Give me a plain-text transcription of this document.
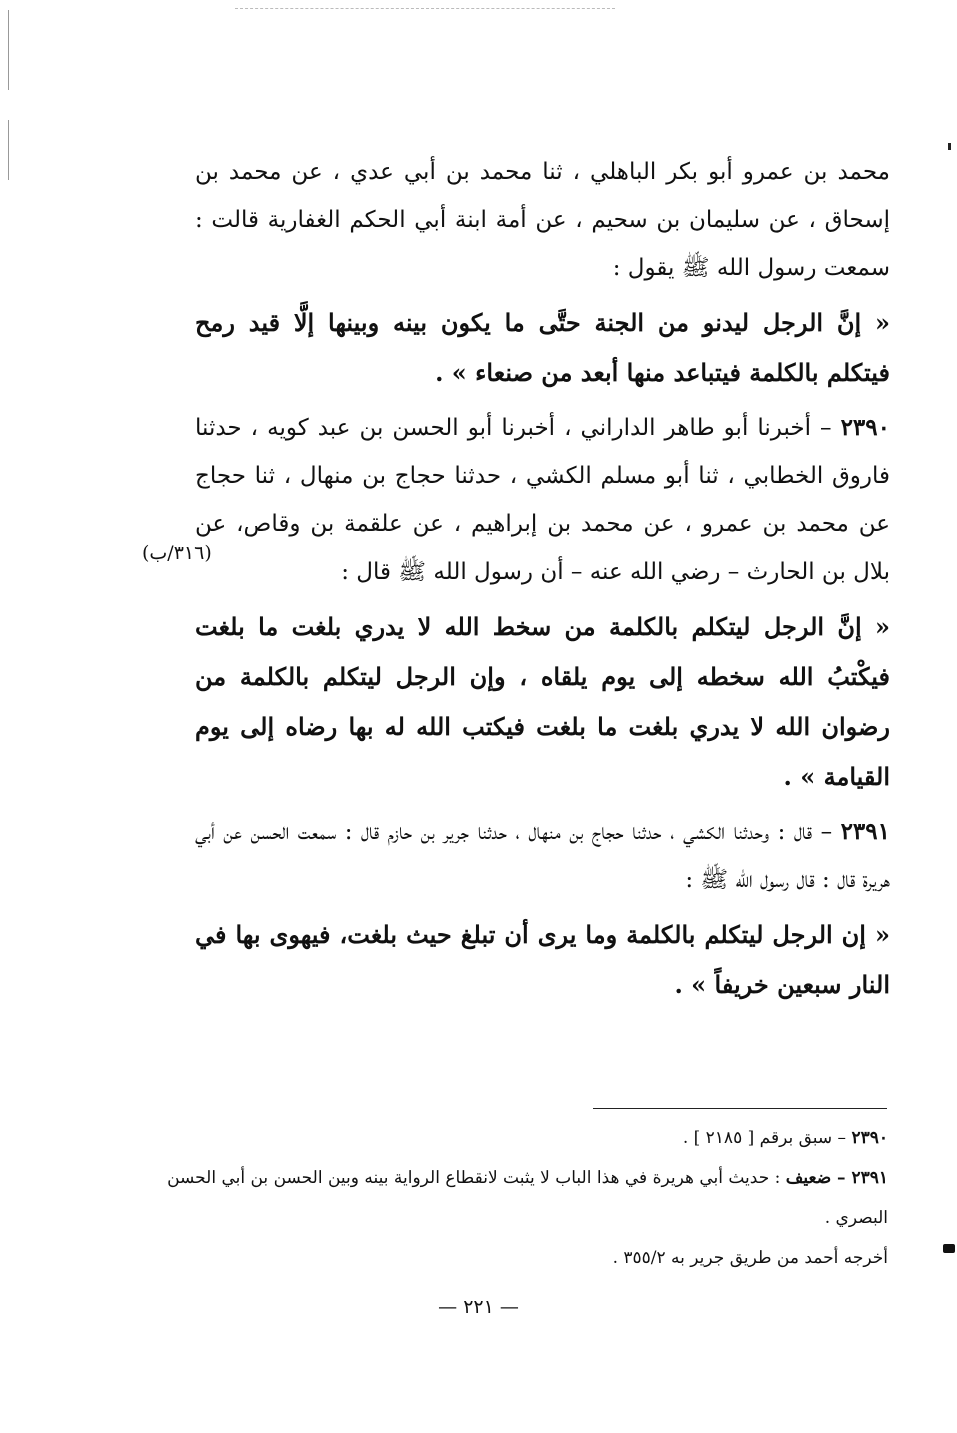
محمد بن عمرو أبو بكر الباهلي ، ثنا محمد بن أبي عدي ، عن محمد بن إسحاق ، عن سليمان بن سحيم ، عن أمة ابنة أبي الحكم الغفارية قالت : سمعت رسول الله ﷺ يقول :

« إنَّ الرجل ليدنو من الجنة حتَّى ما يكون بينه وبينها إلَّا قيد رمح فيتكلم بالكلمة فيتباعد منها أبعد من صنعاء » .

٢٣٩٠ – أخبرنا أبو طاهر الداراني ، أخبرنا أبو الحسن بن عبد كويه ، حدثنا فاروق الخطابي ، ثنا أبو مسلم الكشي ، حدثنا حجاج بن منهال ، ثنا حجاج عن محمد بن عمرو ، عن محمد بن إبراهيم ، عن علقمة بن وقاص، عن بلال بن الحارث – رضي الله عنه – أن رسول الله ﷺ قال :

« إنَّ الرجل ليتكلم بالكلمة من سخط الله لا يدري بلغت ما بلغت فيكْتبُ الله سخطه إلى يوم يلقاه ، وإن الرجل ليتكلم بالكلمة من رضوان الله لا يدري بلغت ما بلغت فيكتب الله له بها رضاه إلى يوم القيامة » .

٢٣٩١ – قال : وحدثنا الكشي ، حدثنا حجاج بن منهال ، حدثنا جرير بن حازم قال : سمعت الحسن عن أبي هريرة قال : قال رسول الله ﷺ :

« إن الرجل ليتكلم بالكلمة وما يرى أن تبلغ حيث بلغت، فيهوى بها في النار سبعين خريفاً » .

(٣١٦/ب)

٢٣٩٠ – سبق برقم [ ٢١٨٥ ] .

٢٣٩١ – ضعيف : حديث أبي هريرة في هذا الباب لا يثبت لانقطاع الرواية بينه وبين الحسن بن أبي الحسن البصري .

أخرجه أحمد من طريق جرير به ٣٥٥/٢ .

— ٢٢١ —
